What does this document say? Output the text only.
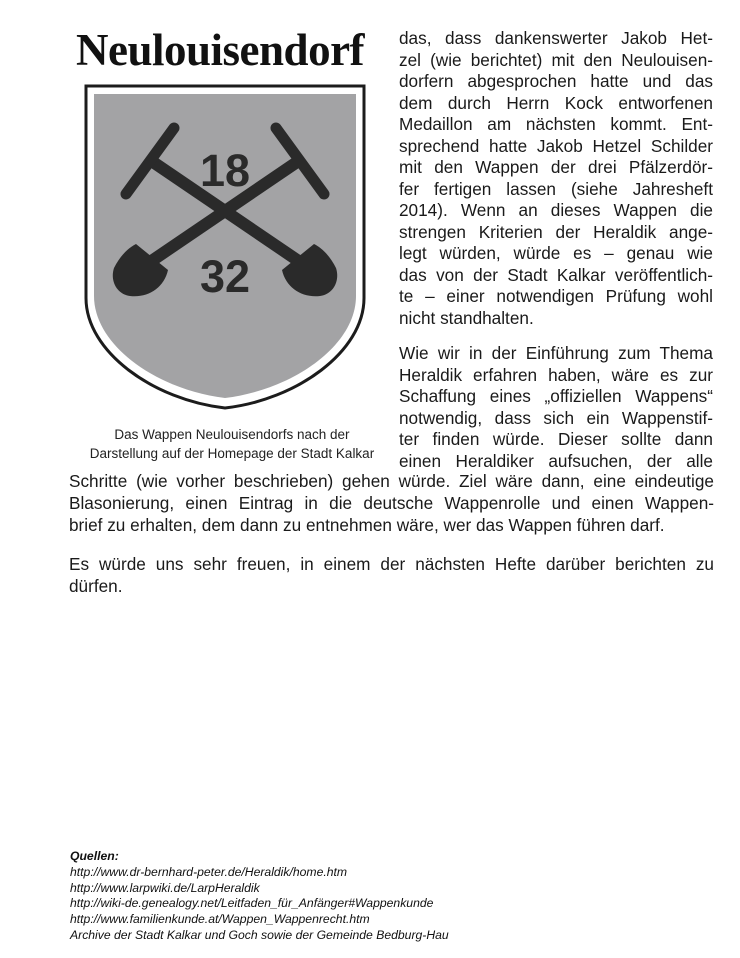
Neulouisendorf
18
32
Das Wappen Neulouisendorfs nach der
Darstellung auf der Homepage der Stadt Kalkar
das, dass dankenswerter Jakob Het-
zel (wie berichtet) mit den Neulouisen-
dorfern abgesprochen hatte und das
dem durch Herrn Kock entworfenen
Medaillon am nächsten kommt. Ent-
sprechend hatte Jakob Hetzel Schilder
mit den Wappen der drei Pfälzerdör-
fer fertigen lassen (siehe Jahresheft
2014). Wenn an dieses Wappen die
strengen Kriterien der Heraldik ange-
legt würden, würde es – genau wie
das von der Stadt Kalkar veröffentlich-
te – einer notwendigen Prüfung wohl
nicht standhalten.
Wie wir in der Einführung zum Thema
Heraldik erfahren haben, wäre es zur
Schaffung eines „offiziellen Wappens“
notwendig, dass sich ein Wappenstif-
ter finden würde. Dieser sollte dann
einen Heraldiker aufsuchen, der alle
Schritte (wie vorher beschrieben) gehen würde. Ziel wäre dann, eine eindeutige
Blasonierung, einen Eintrag in die deutsche Wappenrolle und einen Wappen-
brief zu erhalten, dem dann zu entnehmen wäre, wer das Wappen führen darf.
Es würde uns sehr freuen, in einem der nächsten Hefte darüber berichten zu
dürfen.
Quellen:
http://www.dr-bernhard-peter.de/Heraldik/home.htm
http://www.larpwiki.de/LarpHeraldik
http://wiki-de.genealogy.net/Leitfaden_für_Anfänger#Wappenkunde
http://www.familienkunde.at/Wappen_Wappenrecht.htm
Archive der Stadt Kalkar und Goch sowie der Gemeinde Bedburg-Hau
